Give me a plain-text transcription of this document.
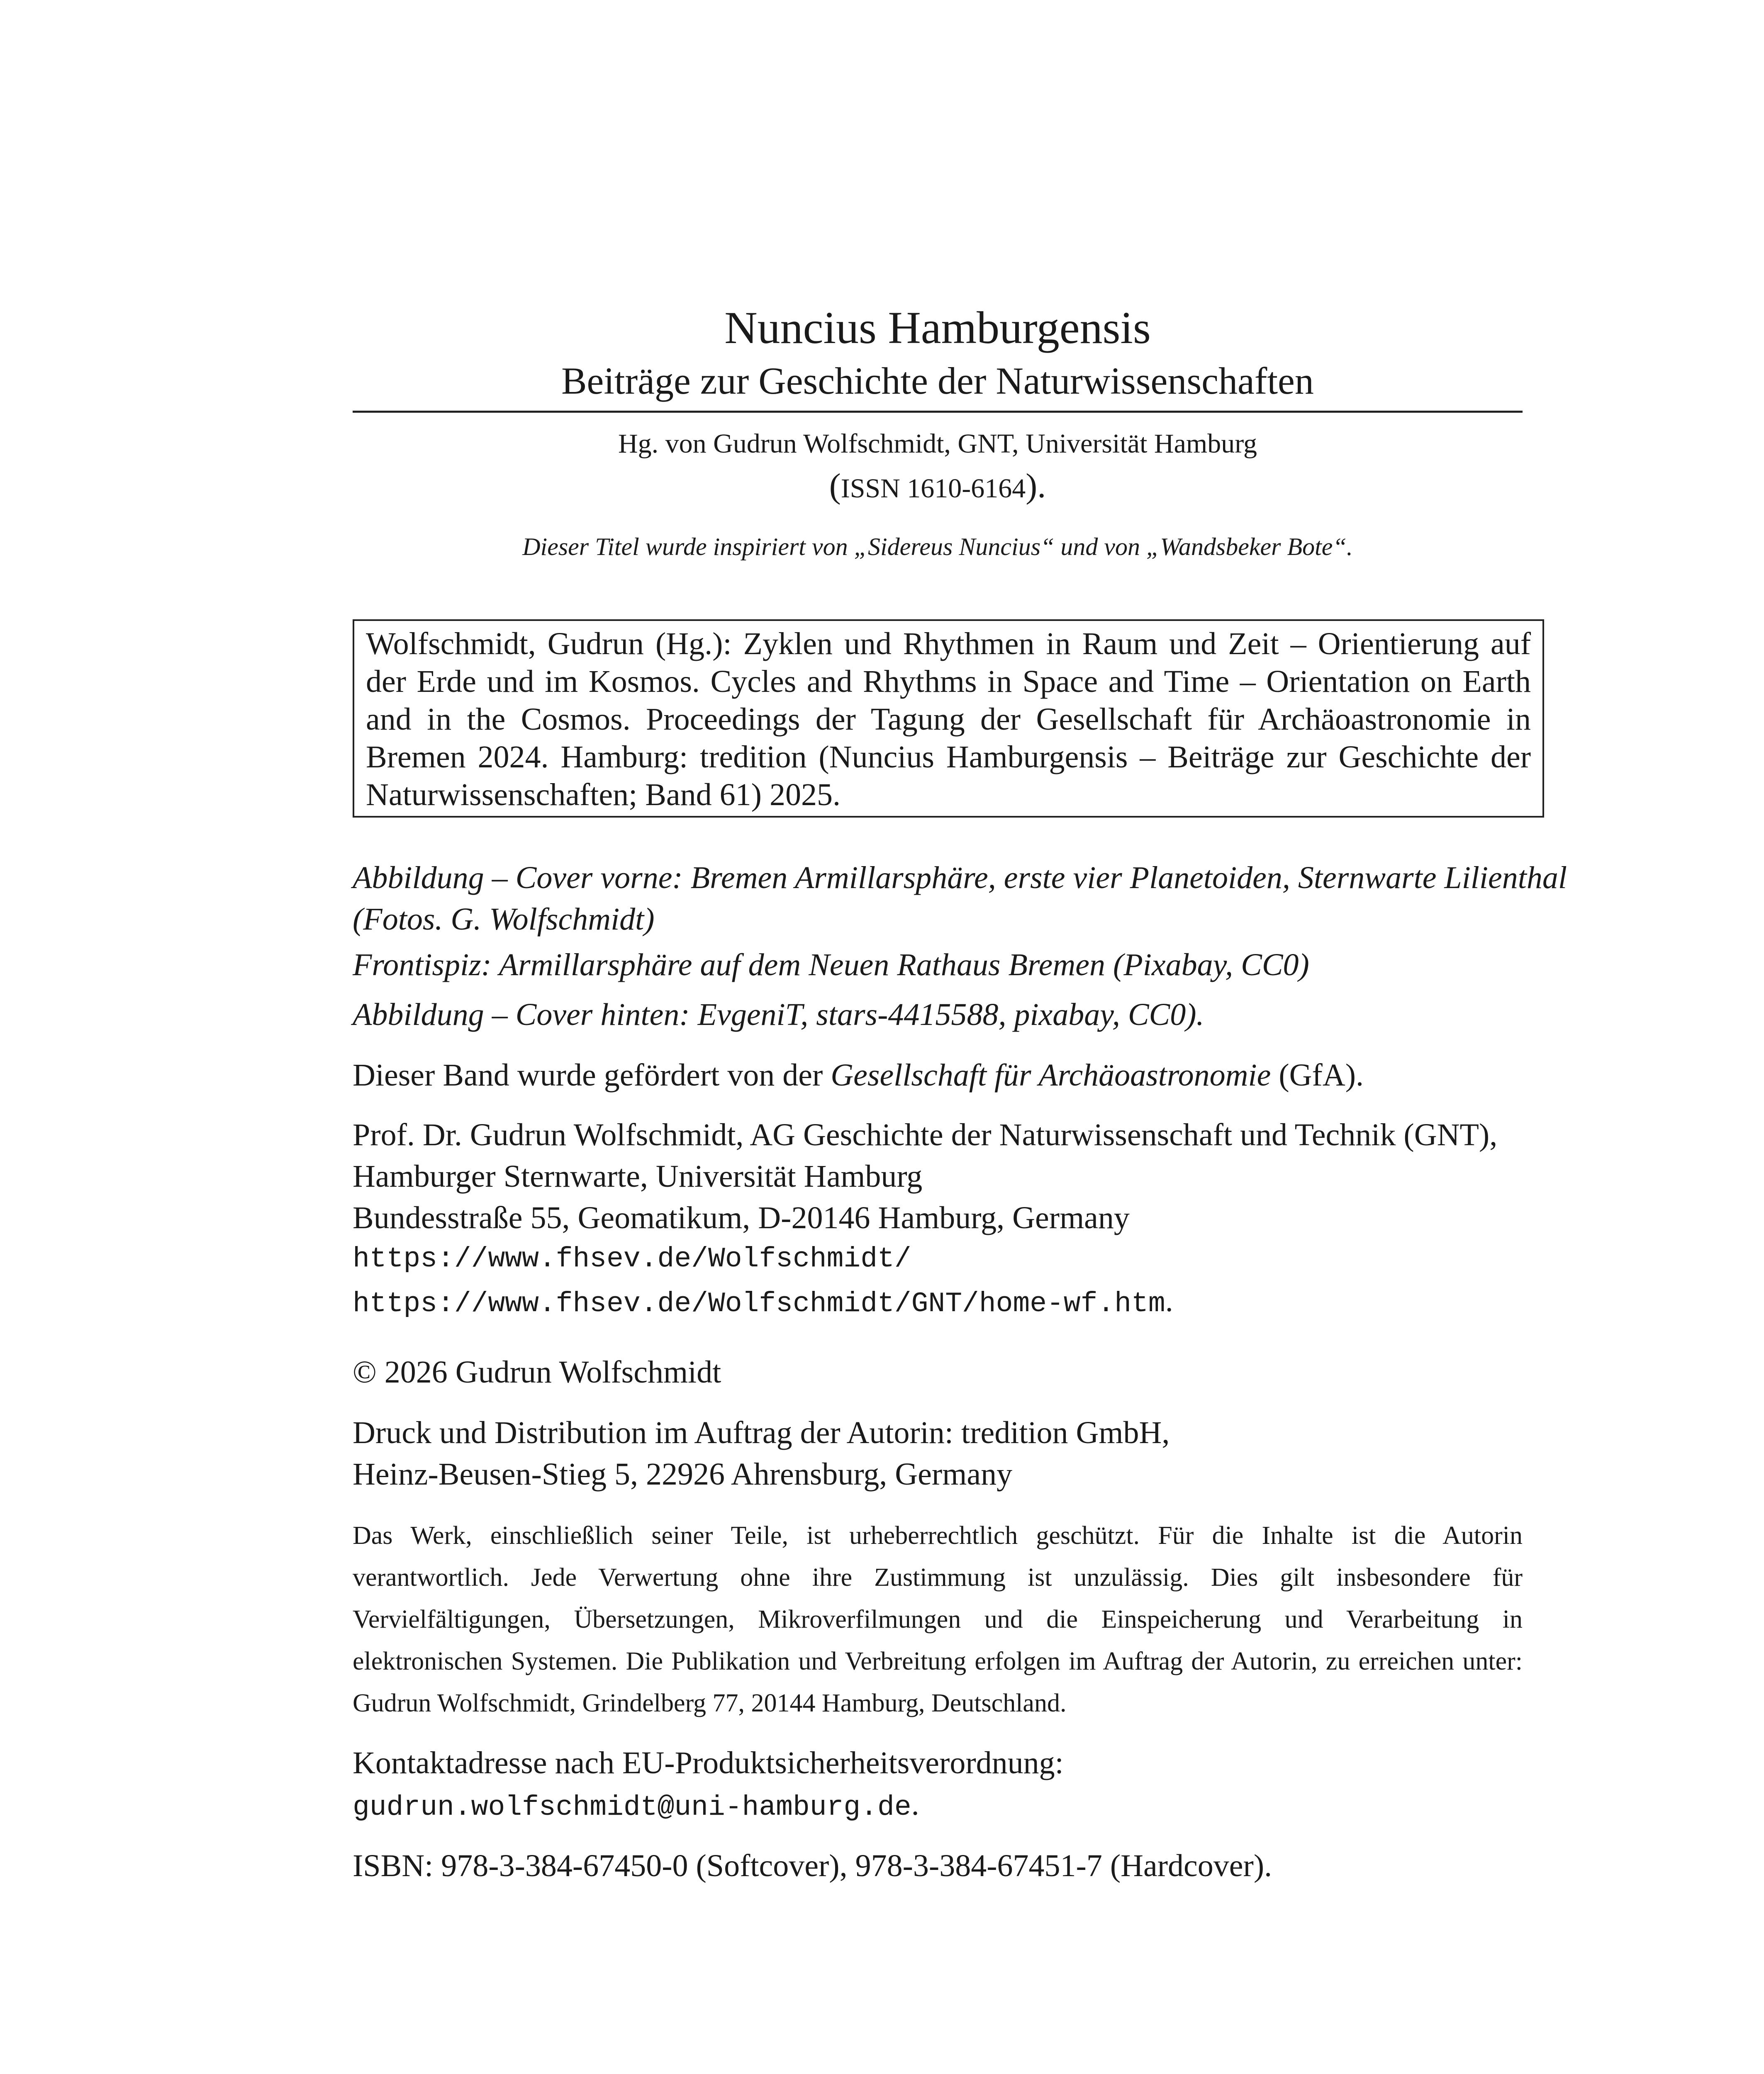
Nuncius Hamburgensis
Beiträge zur Geschichte der Naturwissenschaften
Hg. von Gudrun Wolfschmidt, GNT, Universität Hamburg
(ISSN 1610-6164).
Dieser Titel wurde inspiriert von „Sidereus Nuncius“ und von „Wandsbeker Bote“.
Wolfschmidt, Gudrun (Hg.): Zyklen und Rhythmen in Raum und Zeit – Orientierung auf der Erde und im Kosmos. Cycles and Rhythms in Space and Time – Orientation on Earth and in the Cosmos. Proceedings der Tagung der Gesellschaft für Archäoastronomie in Bremen 2024. Hamburg: tredition (Nuncius Hamburgensis – Beiträge zur Geschichte der Naturwissenschaften; Band 61) 2025.
Abbildung – Cover vorne: Bremen Armillarsphäre, erste vier Planetoiden, Sternwarte Lilienthal
(Fotos. G. Wolfschmidt)
Frontispiz: Armillarsphäre auf dem Neuen Rathaus Bremen (Pixabay, CC0)
Abbildung – Cover hinten: EvgeniT, stars-4415588, pixabay, CC0).
Dieser Band wurde gefördert von der Gesellschaft für Archäoastronomie (GfA).
Prof. Dr. Gudrun Wolfschmidt, AG Geschichte der Naturwissenschaft und Technik (GNT),
Hamburger Sternwarte, Universität Hamburg
Bundesstraße 55, Geomatikum, D-20146 Hamburg, Germany
https://www.fhsev.de/Wolfschmidt/
https://www.fhsev.de/Wolfschmidt/GNT/home-wf.htm.
© 2026 Gudrun Wolfschmidt
Druck und Distribution im Auftrag der Autorin: tredition GmbH,
Heinz-Beusen-Stieg 5, 22926 Ahrensburg, Germany
Das Werk, einschließlich seiner Teile, ist urheberrechtlich geschützt. Für die Inhalte ist die Autorin verantwortlich. Jede Verwertung ohne ihre Zustimmung ist unzulässig. Dies gilt insbesondere für Vervielfältigungen, Übersetzungen, Mikroverfilmungen und die Einspeicherung und Verarbeitung in elektronischen Systemen. Die Publikation und Verbreitung erfolgen im Auftrag der Autorin, zu erreichen unter: Gudrun Wolfschmidt, Grindelberg 77, 20144 Hamburg, Deutschland.
Kontaktadresse nach EU-Produktsicherheitsverordnung:
gudrun.wolfschmidt@uni-hamburg.de.
ISBN: 978-3-384-67450-0 (Softcover), 978-3-384-67451-7 (Hardcover).
